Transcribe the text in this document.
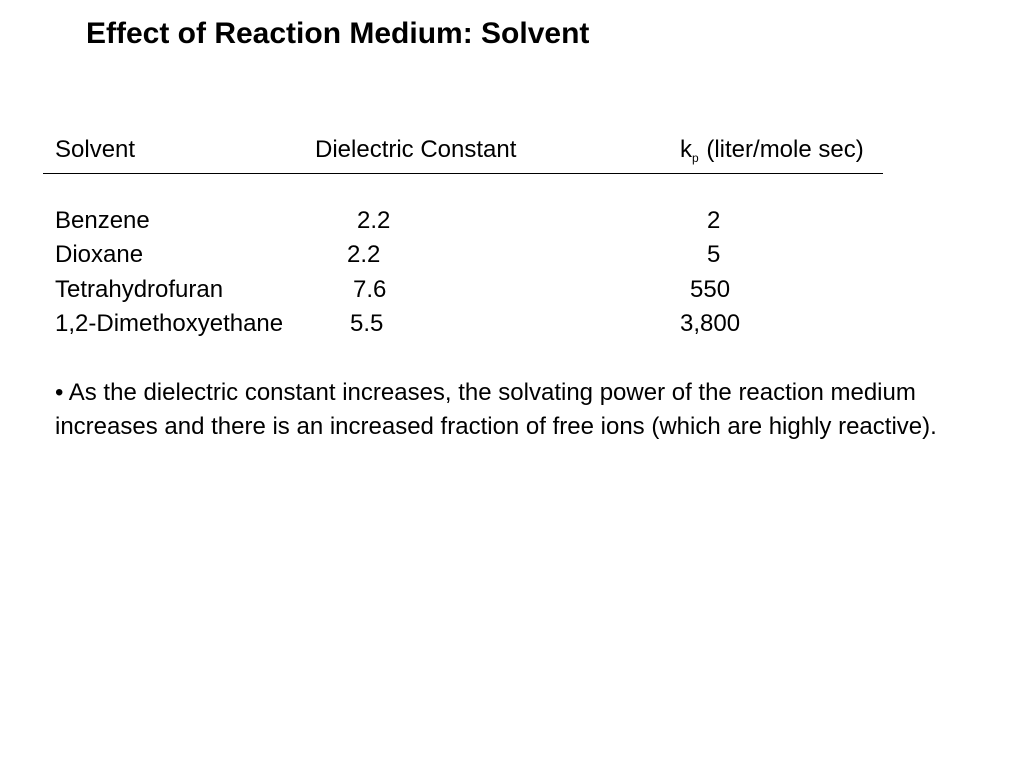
Effect of Reaction Medium: Solvent
Solvent	Dielectric Constant	$k_p$ (liter/mole sec)
Benzene	2.2	2
Dioxane	2.2	5
Tetrahydrofuran	7.6	550
1,2-Dimethoxyethane	5.5	3,800
• As the dielectric constant increases, the solvating power of the reaction medium increases and there is an increased fraction of free ions (which are highly reactive).
